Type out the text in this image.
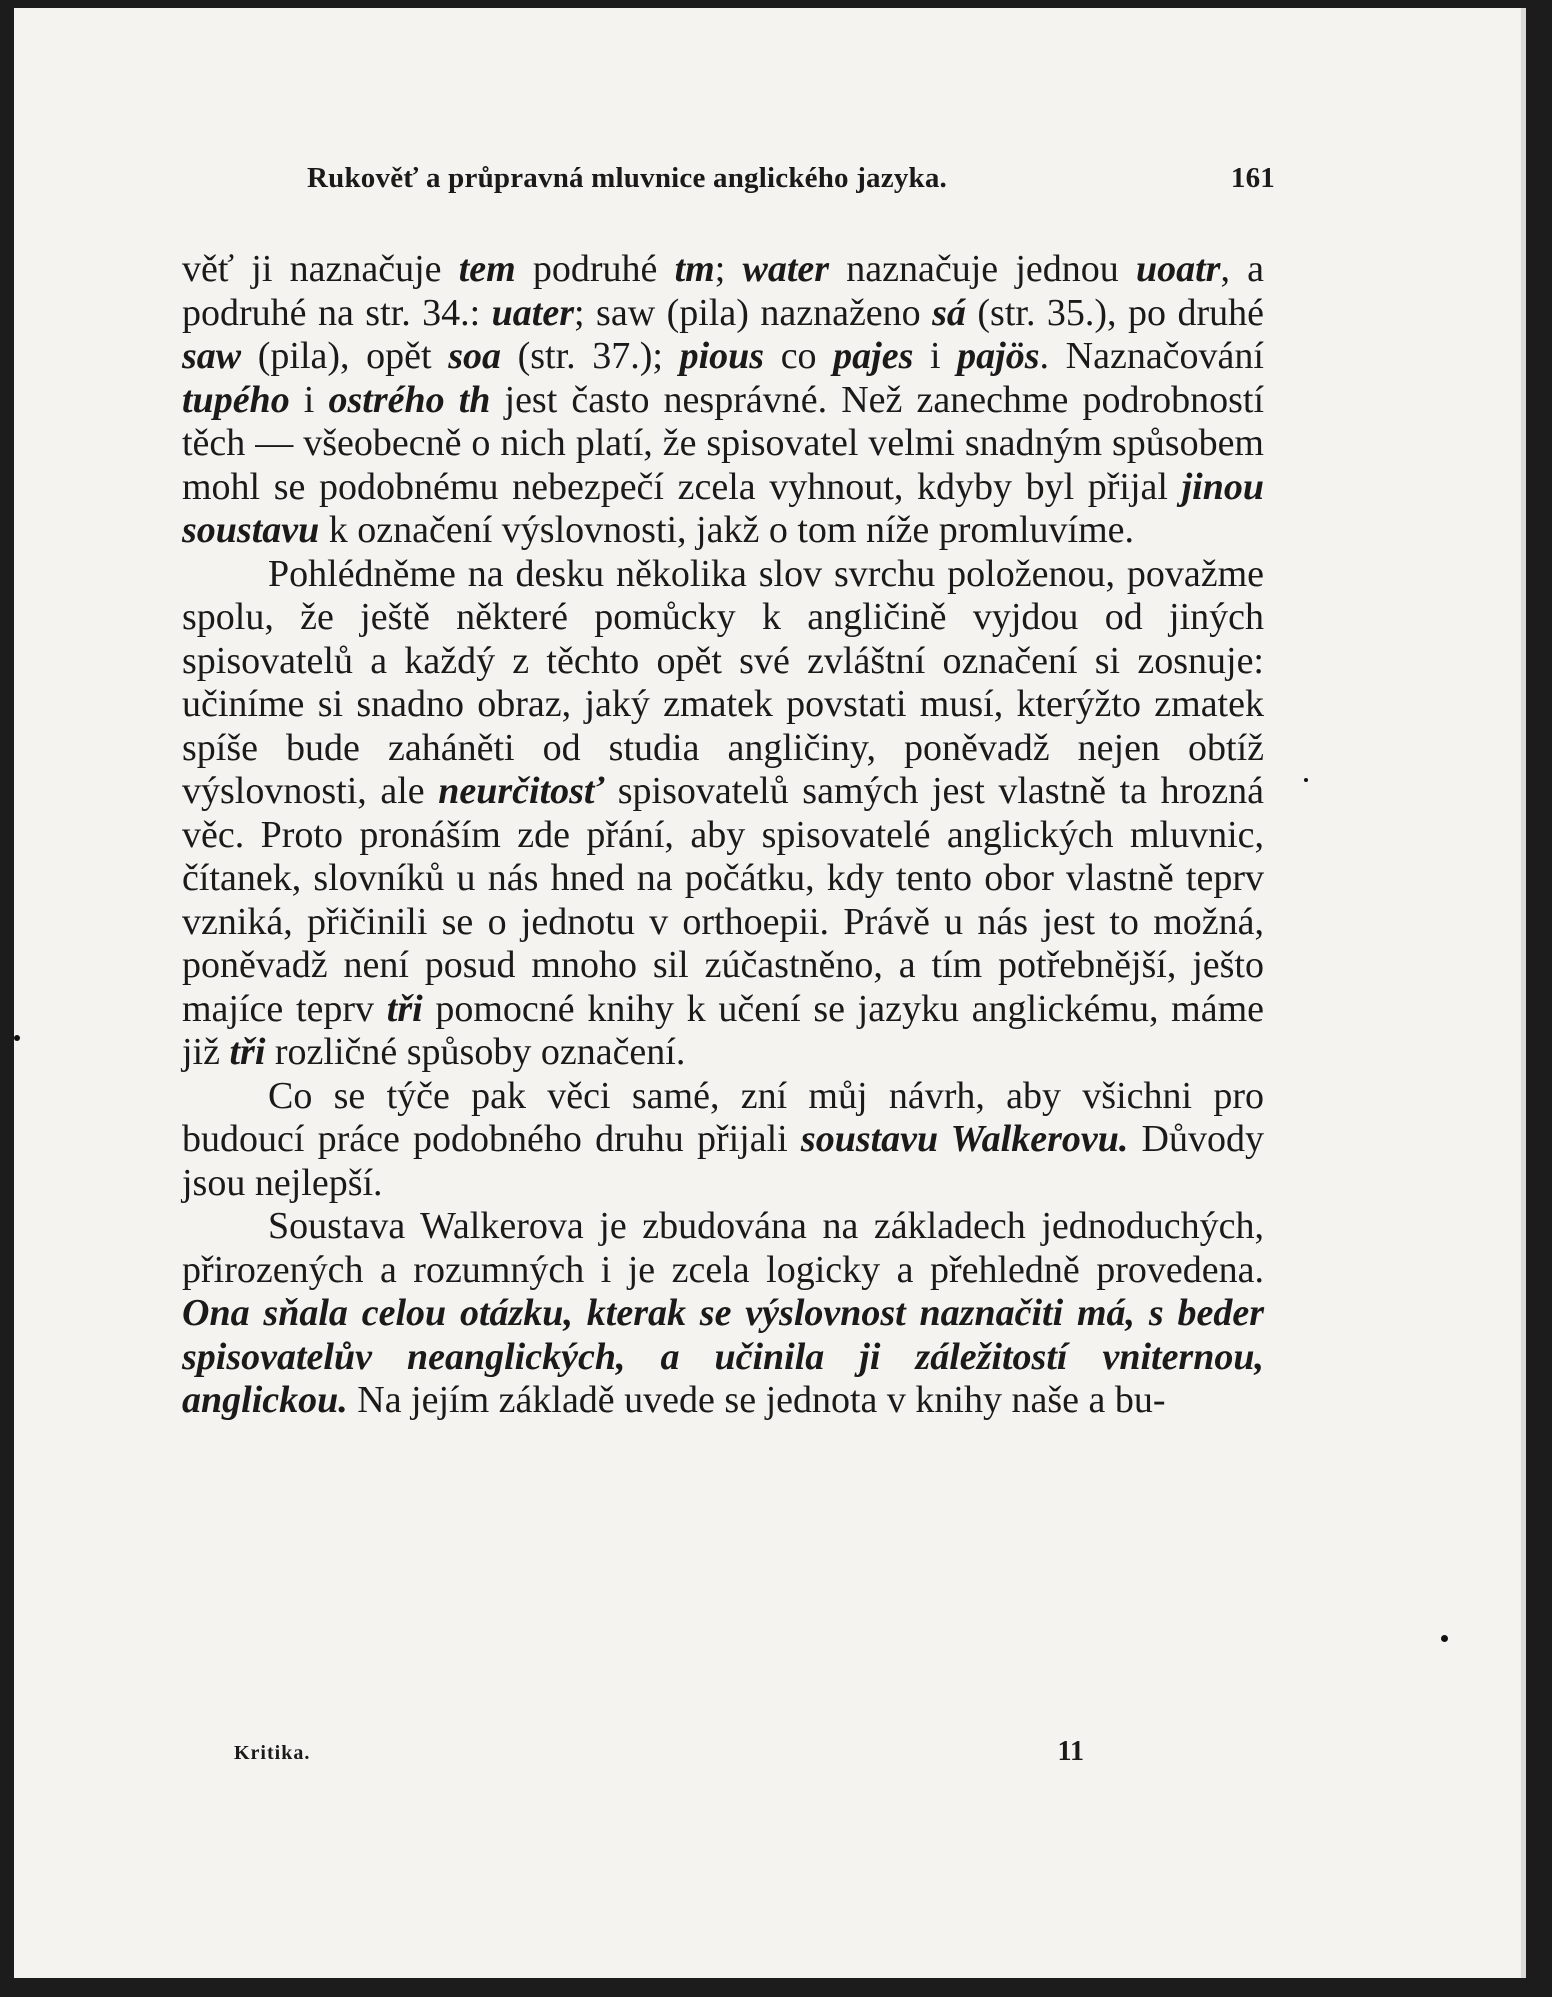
Rukověť a průpravná mluvnice anglického jazyka.	161

věť ji naznačuje tem podruhé tm; water naznačuje jednou uoatr, a podruhé na str. 34.: uater; saw (pila) naznaženo sá (str. 35.), po druhé saw (pila), opět soa (str. 37.); pious co pajes i pajös. Naznačování tupého i ostrého th jest často nesprávné. Než zanechme podrobností těch — všeobecně o nich platí, že spisovatel velmi snadným spůsobem mohl se podobnému nebezpečí zcela vyhnout, kdyby byl přijal jinou soustavu k označení výslovnosti, jakž o tom níže promluvíme.

Pohlédněme na desku několika slov svrchu položenou, považme spolu, že ještě některé pomůcky k angličině vyjdou od jiných spisovatelů a každý z těchto opět své zvláštní označení si zosnuje: učiníme si snadno obraz, jaký zmatek povstati musí, kterýžto zmatek spíše bude zaháněti od studia angličiny, poněvadž nejen obtíž výslovnosti, ale neurčitosť spisovatelů samých jest vlastně ta hrozná věc. Proto pronáším zde přání, aby spisovatelé anglických mluvnic, čítanek, slovníků u nás hned na počátku, kdy tento obor vlastně teprv vzniká, přičinili se o jednotu v orthoepii. Právě u nás jest to možná, poněvadž není posud mnoho sil zúčastněno, a tím potřebnější, ješto majíce teprv tři pomocné knihy k učení se jazyku anglickému, máme již tři rozličné spůsoby označení.

Co se týče pak věci samé, zní můj návrh, aby všichni pro budoucí práce podobného druhu přijali soustavu Walkerovu. Důvody jsou nejlepší.

Soustava Walkerova je zbudována na základech jednoduchých, přirozených a rozumných i je zcela logicky a přehledně provedena. Ona sňala celou otázku, kterak se výslovnost naznačiti má, s beder spisovatelův neanglických, a učinila ji záležitostí vniternou, anglickou. Na jejím základě uvede se jednota v knihy naše a bu-

Kritika.	11
